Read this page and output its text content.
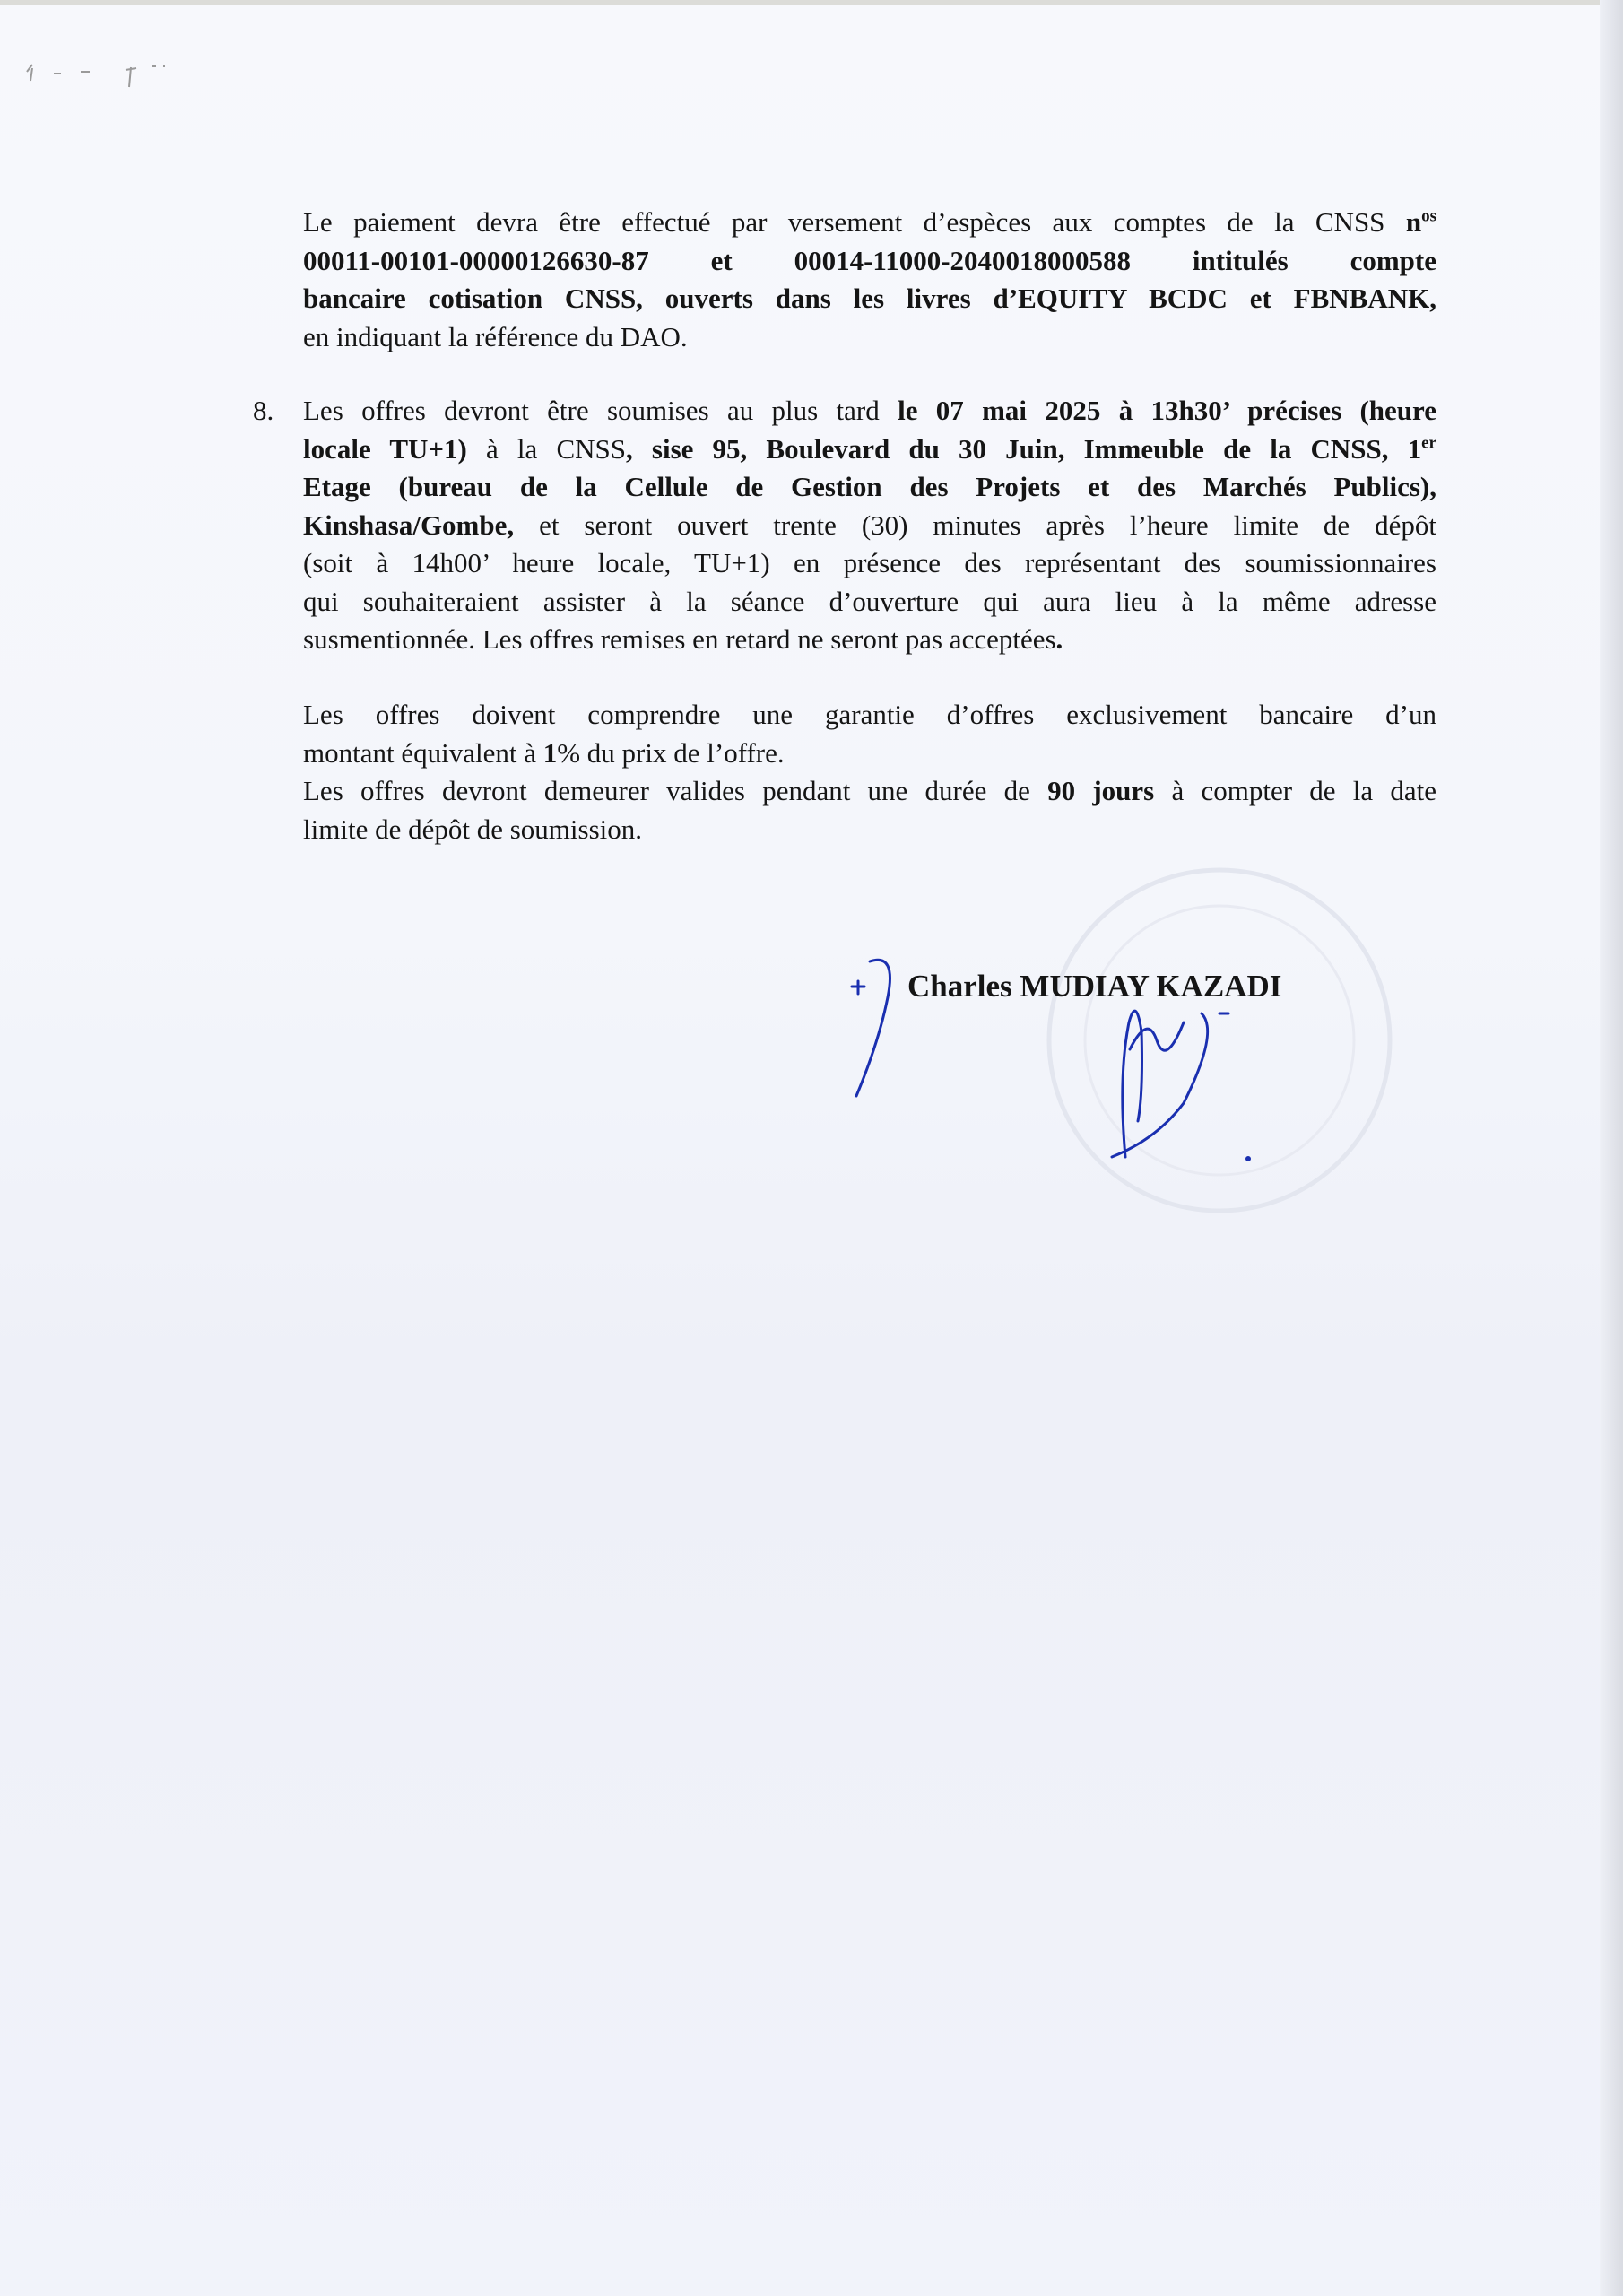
Le paiement devra être effectué par versement d’espèces aux comptes de la CNSS $n^{os}$
00011-00101-00000126630-87 et 00014-11000-2040018000588 intitulés compte
bancaire cotisation CNSS, ouverts dans les livres d’EQUITY BCDC et FBNBANK,
en indiquant la référence du DAO.
8. Les offres devront être soumises au plus tard le 07 mai 2025 à 13h30’ précises (heure
locale TU+1) à la CNSS, sise 95, Boulevard du 30 Juin, Immeuble de la CNSS, 1er
Etage (bureau de la Cellule de Gestion des Projets et des Marchés Publics),
Kinshasa/Gombe, et seront ouvert trente (30) minutes après l’heure limite de dépôt
(soit à 14h00’ heure locale, TU+1) en présence des représentant des soumissionnaires
qui souhaiteraient assister à la séance d’ouverture qui aura lieu à la même adresse
susmentionnée. Les offres remises en retard ne seront pas acceptées.
Les offres doivent comprendre une garantie d’offres exclusivement bancaire d’un
montant équivalent à 1% du prix de l’offre.
Les offres devront demeurer valides pendant une durée de 90 jours à compter de la date
limite de dépôt de soumission.
Charles MUDIAY KAZADI
